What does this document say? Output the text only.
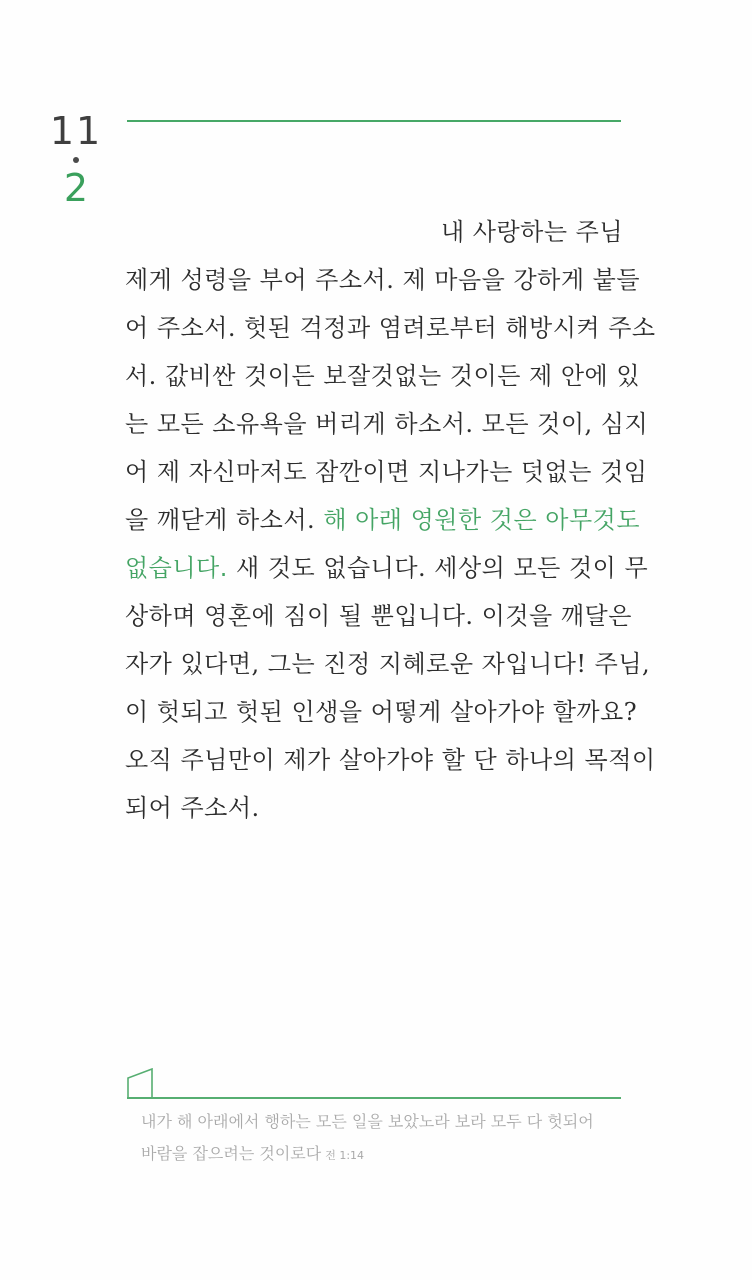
11
2
내 사랑하는 주님
제게 성령을 부어 주소서. 제 마음을 강하게 붙들
어 주소서. 헛된 걱정과 염려로부터 해방시켜 주소
서. 값비싼 것이든 보잘것없는 것이든 제 안에 있
는 모든 소유욕을 버리게 하소서. 모든 것이, 심지
어 제 자신마저도 잠깐이면 지나가는 덧없는 것임
을 깨닫게 하소서. 해 아래 영원한 것은 아무것도
없습니다. 새 것도 없습니다. 세상의 모든 것이 무
상하며 영혼에 짐이 될 뿐입니다. 이것을 깨달은
자가 있다면, 그는 진정 지혜로운 자입니다! 주님,
이 헛되고 헛된 인생을 어떻게 살아가야 할까요?
오직 주님만이 제가 살아가야 할 단 하나의 목적이
되어 주소서.
내가 해 아래에서 행하는 모든 일을 보았노라 보라 모두 다 헛되어
바람을 잡으려는 것이로다 전 1:14
